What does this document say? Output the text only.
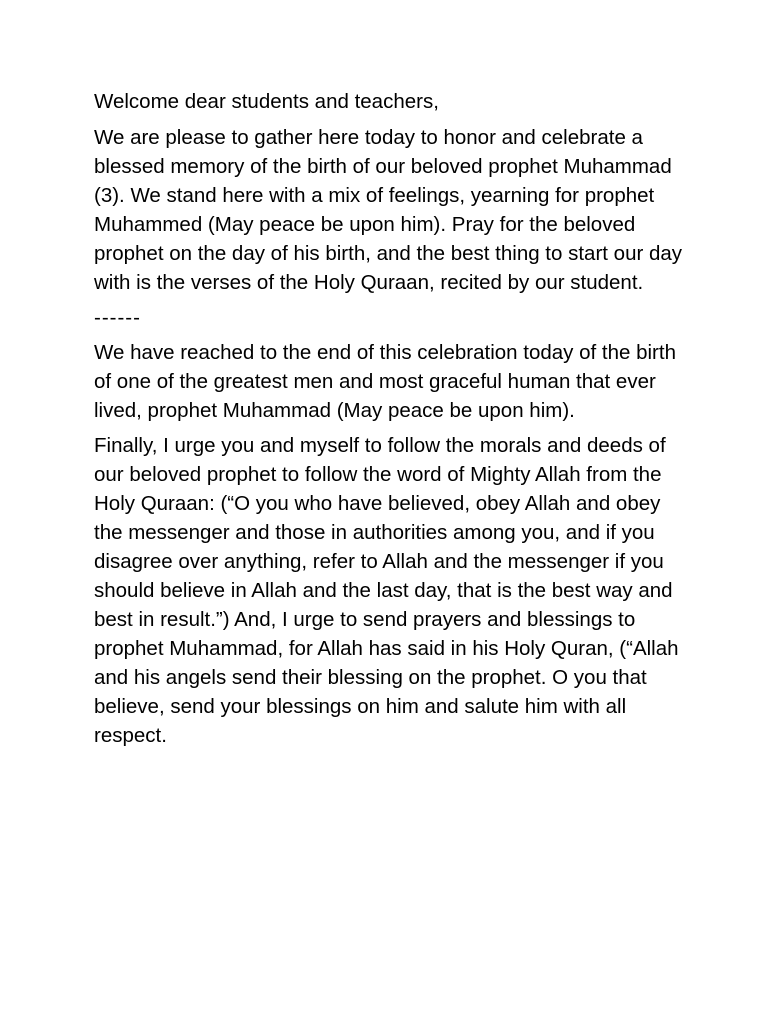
Welcome dear students and teachers,

We are please to gather here today to honor and celebrate a blessed memory of the birth of our beloved prophet Muhammad (3). We stand here with a mix of feelings, yearning for prophet Muhammed (May peace be upon him). Pray for the beloved prophet on the day of his birth, and the best thing to start our day with is the verses of the Holy Quraan, recited by our student.

------

We have reached to the end of this celebration today of the birth of one of the greatest men and most graceful human that ever lived, prophet Muhammad (May peace be upon him).

Finally, I urge you and myself to follow the morals and deeds of our beloved prophet to follow the word of Mighty Allah from the Holy Quraan: (“O you who have believed, obey Allah and obey the messenger and those in authorities among you, and if you disagree over anything, refer to Allah and the messenger if you should believe in Allah and the last day, that is the best way and best in result.”) And, I urge to send prayers and blessings to prophet Muhammad, for Allah has said in his Holy Quran, (“Allah and his angels send their blessing on the prophet. O you that believe, send your blessings on him and salute him with all respect.
